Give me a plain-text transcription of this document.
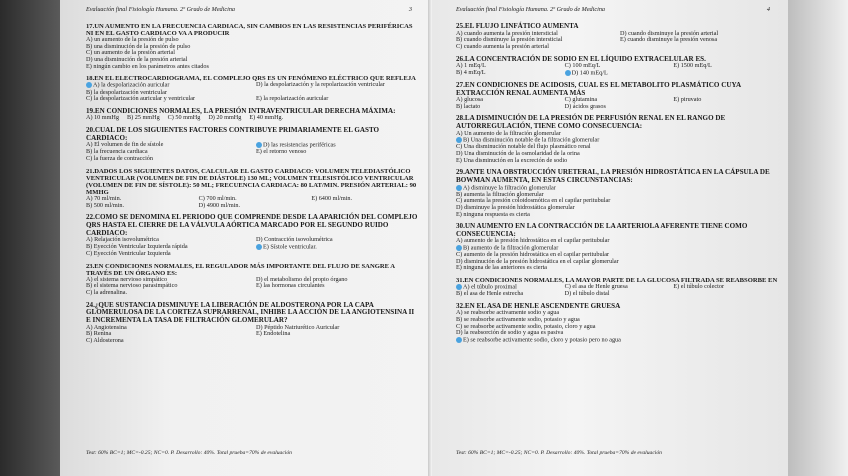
Evaluación final Fisiología Humana. 2º Grado de Medicina	3
17.UN AUMENTO EN LA FRECUENCIA CARDIACA, SIN CAMBIOS EN LAS RESISTENCIAS PERIFÉRICAS NI EN EL GASTO CARDIACO VA A PRODUCIR
A) un aumento de la presión de pulso
B) una disminución de la presión de pulso
C) un aumento de la presión arterial
D) una disminución de la presión arterial
E) ningún cambio en los parámetros antes citados
18.EN EL ELECTROCARDIOGRAMA, EL COMPLEJO QRS ES UN FENÓMENO ELÉCTRICO QUE REFLEJA
A) la despolarización auricular	D) la despolarización y la repolarización ventricular
B) la despolarización ventricular
C) la despolarización auricular y ventricular	E) la repolarización auricular
19.EN CONDICIONES NORMALES, LA PRESIÓN INTRAVENTRICULAR DERECHA MÁXIMA:
A) 10 mmHg B) 25 mmHg C) 50 mmHg D) 20 mmHg E) 40 mmHg.
20.CUAL DE LOS SIGUIENTES FACTORES CONTRIBUYE PRIMARIAMENTE EL GASTO CARDIACO:
A) El volumen de fin de sístole	D) las resistencias periféricas
B) la frecuencia cardiaca	E) el retorno venoso
C) la fuerza de contracción
21.DADOS LOS SIGUIENTES DATOS, CALCULAR EL GASTO CARDIACO: VOLUMEN TELEDIASTÓLICO VENTRICULAR (VOLUMEN DE FIN DE DIÁSTOLE) 130 ML; VOLUMEN TELESISTÓLICO VENTRICULAR (VOLUMEN DE FIN DE SÍSTOLE): 50 ML; FRECUENCIA CARDIACA: 80 LAT/MIN. PRESIÓN ARTERIAL: 90 MMHG
A) 70 ml/min.	C) 700 ml/min.	E) 6400 ml/min.
B) 500 ml/min.	D) 4900 ml/min.
22.COMO SE DENOMINA EL PERIODO QUE COMPRENDE DESDE LA APARICIÓN DEL COMPLEJO QRS HASTA EL CIERRE DE LA VÁLVULA AÓRTICA MARCADO POR EL SEGUNDO RUIDO CARDIACO:
A) Relajación isovolumétrica	D) Contracción isovolumétrica
B) Eyección Ventricular Izquierda rápida	E) Sístole ventricular.
C) Eyección Ventricular Izquierda
23.EN CONDICIONES NORMALES, EL REGULADOR MÁS IMPORTANTE DEL FLUJO DE SANGRE A TRAVÉS DE UN ÓRGANO ES:
A) el sistema nervioso simpático	D) el metabolismo del propio órgano
B) el sistema nervioso parasimpático	E) las hormonas circulantes
C) la adrenalina.
24.¿QUE SUSTANCIA DISMINUYE LA LIBERACIÓN DE ALDOSTERONA POR LA CAPA GLOMERULOSA DE LA CORTEZA SUPRARRENAL, INHIBE LA ACCIÓN DE LA ANGIOTENSINA II E INCREMENTA LA TASA DE FILTRACIÓN GLOMERULAR?
A) Angiotensina	D) Péptido Natriurético Auricular
B) Renina	E) Endotelina
C) Aldosterona
Test: 60% BC=1; MC=-0.25; NC=0. P. Desarrollo: 40%. Total prueba=70% de evaluación
Evaluación final Fisiología Humana. 2º Grado de Medicina	4
25.EL FLUJO LINFÁTICO AUMENTA
A) cuando aumenta la presión intersticial	D) cuando disminuye la presión arterial
B) cuando disminuye la presión intersticial	E) cuando disminuye la presión venosa
C) cuando aumenta la presión arterial
26.LA CONCENTRACIÓN DE SODIO EN EL LÍQUIDO EXTRACELULAR ES.
A) 1 mEq/L	C) 100 mEq/L	E) 1500 mEq/L
B) 4 mEq/L	D) 140 mEq/L
27.EN CONDICIONES DE ACIDOSIS, CUAL ES EL METABOLITO PLASMÁTICO CUYA EXTRACCIÓN RENAL AUMENTA MÁS
A) glucosa	C) glutamina	E) piruvato
B) lactato	D) ácidos grasos
28.LA DISMINUCIÓN DE LA PRESIÓN DE PERFUSIÓN RENAL EN EL RANGO DE AUTORREGULACIÓN, TIENE COMO CONSECUENCIA:
A) Un aumento de la filtración glomerular
B) Una disminución notable de la filtración glomerular
C) Una disminución notable del flujo plasmático renal
D) Una disminución de la osmolaridad de la orina
E) Una disminución en la excreción de sodio
29.ANTE UNA OBSTRUCCIÓN URETERAL, LA PRESIÓN HIDROSTÁTICA EN LA CÁPSULA DE BOWMAN AUMENTA, EN ESTAS CIRCUNSTANCIAS:
A) disminuye la filtración glomerular
B) aumenta la filtración glomerular
C) aumenta la presión coloidosmótica en el capilar peritubular
D) disminuye la presión hidrostática glomerular
E) ninguna respuesta es cierta
30.UN AUMENTO EN LA CONTRACCIÓN DE LA ARTERIOLA AFERENTE TIENE COMO CONSECUENCIA:
A) aumento de la presión hidrostática en el capilar peritubular
B) aumento de la filtración glomerular
C) aumento de la presión hidrostática en el capilar peritubular
D) disminución de la presión hidrostática en el capilar glomerular
E) ninguna de las anteriores es cierta
31.EN CONDICIONES NORMALES, LA MAYOR PARTE DE LA GLUCOSA FILTRADA SE REABSORBE EN
A) el túbulo proximal	C) el asa de Henle gruesa	E) el túbulo colector
B) el asa de Henle estrecha	D) el túbulo distal
32.EN EL ASA DE HENLE ASCENDENTE GRUESA
A) se reabsorbe activamente sodio y agua
B) se reabsorbe activamente sodio, potasio y agua
C) se reabsorbe activamente sodio, potasio, cloro y agua
D) la reabsorción de sodio y agua es pasiva
E) se reabsorbe activamente sodio, cloro y potasio pero no agua
Test: 60% BC=1; MC=-0.25; NC=0. P. Desarrollo: 40%. Total prueba=70% de evaluación
